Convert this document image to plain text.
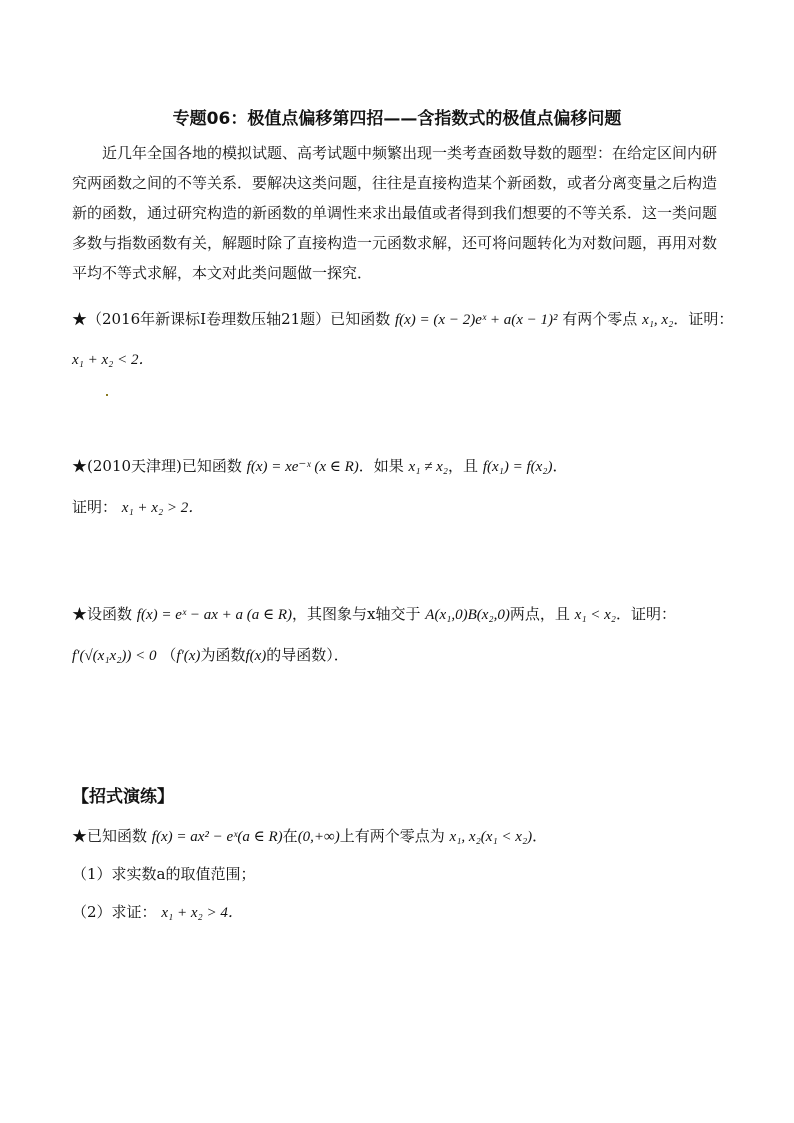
专题06：极值点偏移第四招——含指数式的极值点偏移问题
近几年全国各地的模拟试题、高考试题中频繁出现一类考查函数导数的题型：在给定区间内研究两函数之间的不等关系．要解决这类问题，往往是直接构造某个新函数，或者分离变量之后构造新的函数，通过研究构造的新函数的单调性来求出最值或者得到我们想要的不等关系．这一类问题多数与指数函数有关，解题时除了直接构造一元函数求解，还可将问题转化为对数问题，再用对数平均不等式求解，本文对此类问题做一探究．
★（2016年新课标I卷理数压轴21题）已知函数 f(x) = (x − 2)eˣ + a(x − 1)² 有两个零点 x₁, x₂．证明：
x₁ + x₂ < 2．
★(2010天津理)已知函数 f(x) = xe⁻ˣ (x ∈ R)．如果 x₁ ≠ x₂，且 f(x₁) = f(x₂)．
证明： x₁ + x₂ > 2．
★设函数 f(x) = eˣ − ax + a (a ∈ R)，其图象与x轴交于 A(x₁,0)B(x₂,0)两点，且 x₁ < x₂．证明：
f′(√(x₁x₂)) < 0 （f′(x)为函数f(x)的导函数）．
【招式演练】
★已知函数 f(x) = ax² − eˣ(a ∈ R)在(0,+∞)上有两个零点为 x₁, x₂(x₁ < x₂)．
（1）求实数a的取值范围；
（2）求证： x₁ + x₂ > 4．
